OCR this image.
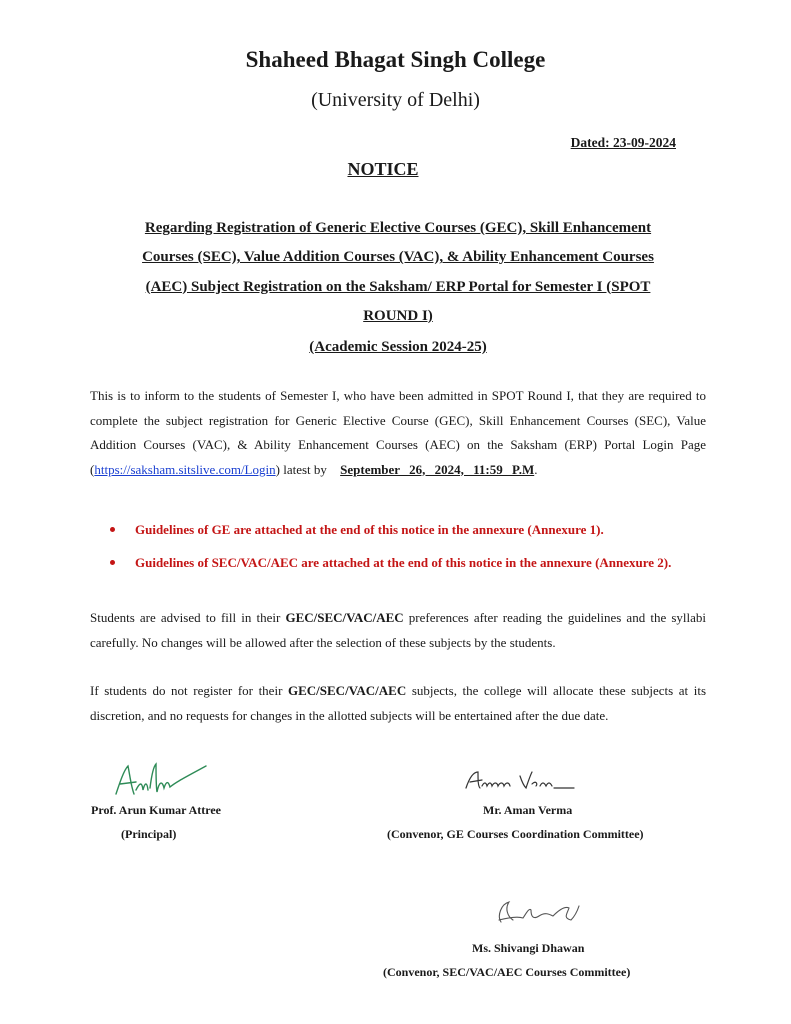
Shaheed Bhagat Singh College
(University of Delhi)
Dated: 23-09-2024
NOTICE
Regarding Registration of Generic Elective Courses (GEC), Skill Enhancement
Courses (SEC), Value Addition Courses (VAC), & Ability Enhancement Courses
(AEC) Subject Registration on the Saksham/ ERP Portal for Semester I (SPOT
ROUND I)
(Academic Session 2024-25)
This is to inform to the students of Semester I, who have been admitted in SPOT Round I, that they are required to complete the subject registration for Generic Elective Course (GEC), Skill Enhancement Courses (SEC), Value Addition Courses (VAC), & Ability Enhancement Courses (AEC) on the Saksham (ERP) Portal Login Page (https://saksham.sitslive.com/Login) latest by September 26, 2024, 11:59 P.M.
Guidelines of GE are attached at the end of this notice in the annexure (Annexure 1).
Guidelines of SEC/VAC/AEC are attached at the end of this notice in the annexure (Annexure 2).
Students are advised to fill in their GEC/SEC/VAC/AEC preferences after reading the guidelines and the syllabi carefully. No changes will be allowed after the selection of these subjects by the students.
If students do not register for their GEC/SEC/VAC/AEC subjects, the college will allocate these subjects at its discretion, and no requests for changes in the allotted subjects will be entertained after the due date.
Prof. Arun Kumar Attree
(Principal)
Mr. Aman Verma
(Convenor, GE Courses Coordination Committee)
Ms. Shivangi Dhawan
(Convenor, SEC/VAC/AEC Courses Committee)
